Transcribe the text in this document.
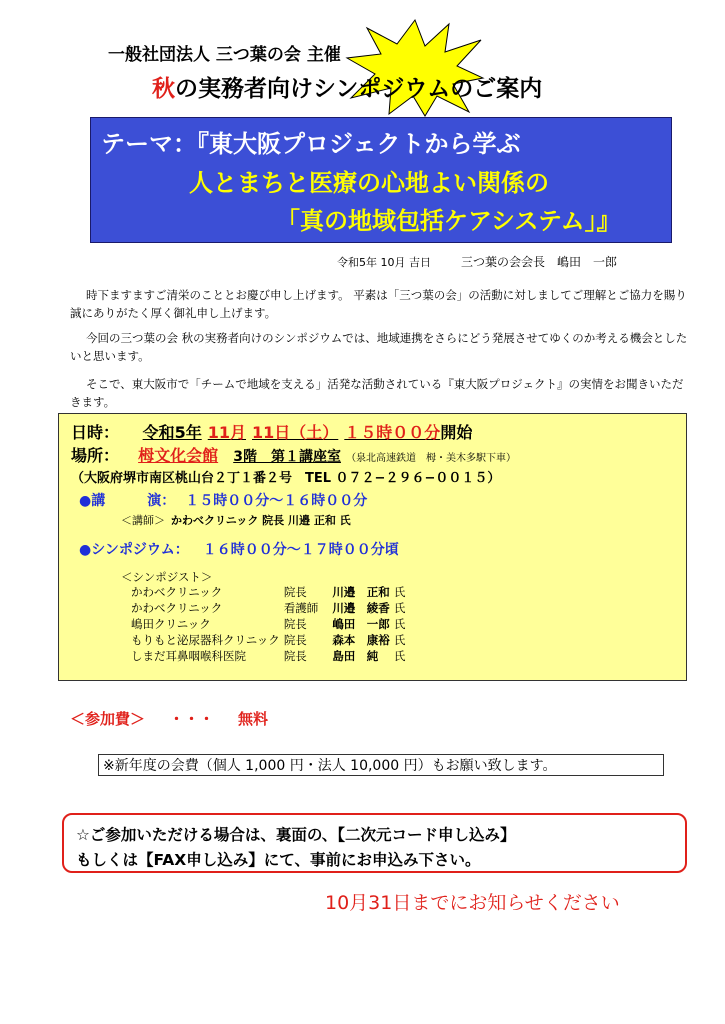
一般社団法人 三つ葉の会 主催
秋の実務者向けシンポジウムのご案内
テーマ：『東大阪プロジェクトから学ぶ
人とまちと医療の心地よい関係の
「真の地域包括ケアシステム」』
令和5年 10月 吉日	三つ葉の会会長　嶋田　一郎
時下ますますご清栄のこととお慶び申し上げます。 平素は「三つ葉の会」の活動に対しましてご理解とご協力を賜り誠にありがたく厚く御礼申し上げます。
今回の三つ葉の会 秋の実務者向けのシンポジウムでは、地域連携をさらにどう発展させてゆくのか考える機会としたいと思います。
そこで、東大阪市で「チームで地域を支える」活発な活動されている『東大阪プロジェクト』の実情をお聞きいただきます。
日時： 令和5年 11月 11日（土） １５時００分開始
場所： 栂文化会館 3階　第１講座室 （泉北高速鉄道　栂・美木多駅下車）
（大阪府堺市南区桃山台２丁１番２号　TEL ０７２−２９６−００１５）
●講　　　演： １５時００分～１６時００分
＜講師＞ かわべクリニック 院長 川邉 正和 氏
●シンポジウム： １６時００分～１７時００分頃
＜シンポジスト＞
かわべクリニック	院長	川邉　正和	氏
かわべクリニック	看護師	川邉　綾香	氏
嶋田クリニック	院長	嶋田　一郎	氏
もりもと泌尿器科クリニック	院長	森本　康裕	氏
しまだ耳鼻咽喉科医院	院長	島田　純	氏
＜参加費＞ ・・・ 無料
※新年度の会費（個人 1,000 円・法人 10,000 円）もお願い致します。
☆ご参加いただける場合は、裏面の、【二次元コード申し込み】
もしくは【FAX申し込み】にて、事前にお申込み下さい。
10月31日までにお知らせください
